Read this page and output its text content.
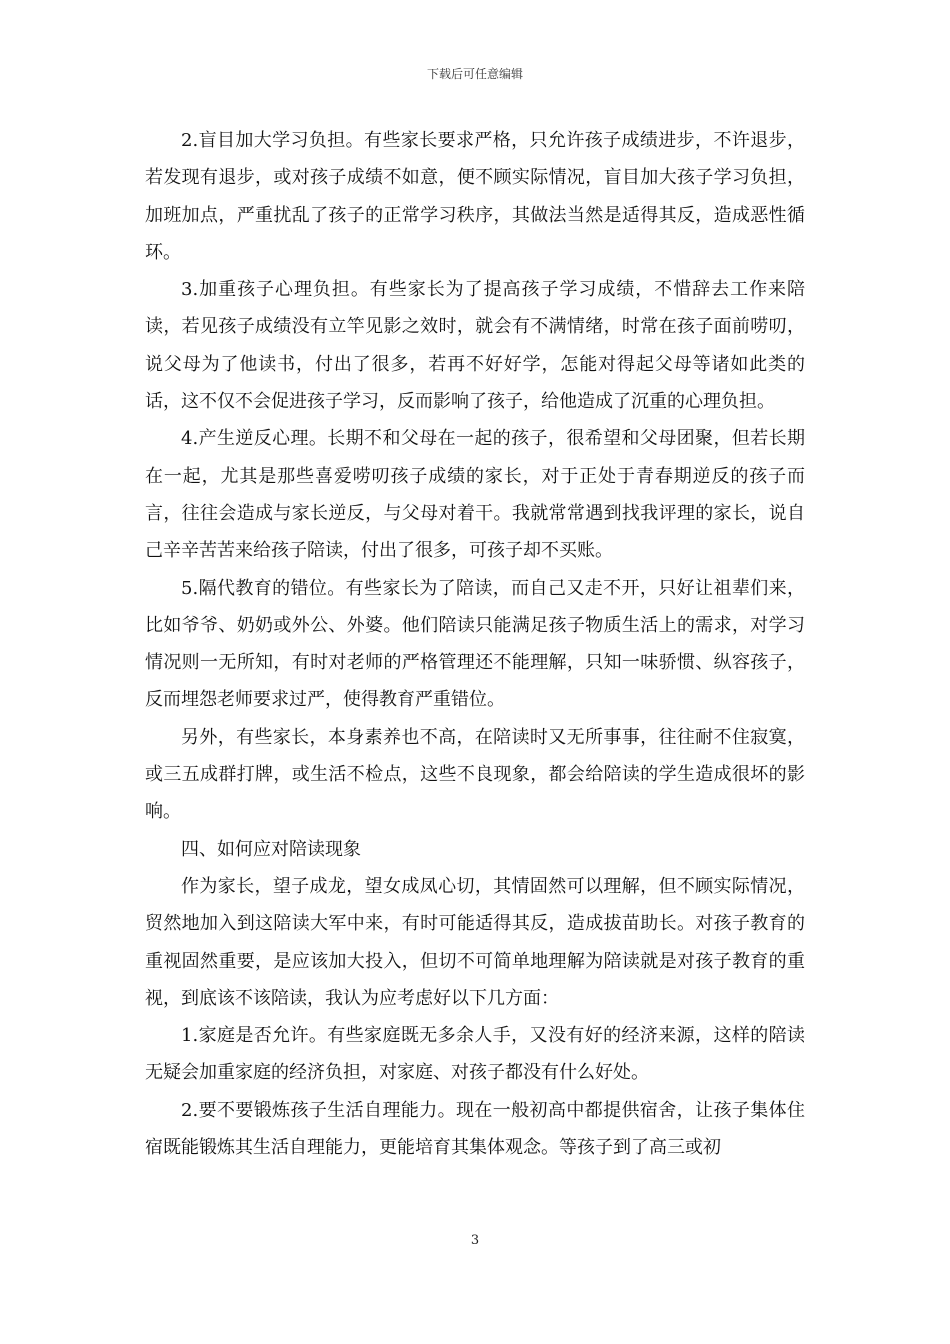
下载后可任意编辑

2.盲目加大学习负担。有些家长要求严格，只允许孩子成绩进步，不许退步，若发现有退步，或对孩子成绩不如意，便不顾实际情况，盲目加大孩子学习负担，加班加点，严重扰乱了孩子的正常学习秩序，其做法当然是适得其反，造成恶性循环。

3.加重孩子心理负担。有些家长为了提高孩子学习成绩，不惜辞去工作来陪读，若见孩子成绩没有立竿见影之效时，就会有不满情绪，时常在孩子面前唠叨，说父母为了他读书，付出了很多，若再不好好学，怎能对得起父母等诸如此类的话，这不仅不会促进孩子学习，反而影响了孩子，给他造成了沉重的心理负担。

4.产生逆反心理。长期不和父母在一起的孩子，很希望和父母团聚，但若长期在一起，尤其是那些喜爱唠叨孩子成绩的家长，对于正处于青春期逆反的孩子而言，往往会造成与家长逆反，与父母对着干。我就常常遇到找我评理的家长，说自己辛辛苦苦来给孩子陪读，付出了很多，可孩子却不买账。

5.隔代教育的错位。有些家长为了陪读，而自己又走不开，只好让祖辈们来，比如爷爷、奶奶或外公、外婆。他们陪读只能满足孩子物质生活上的需求，对学习情况则一无所知，有时对老师的严格管理还不能理解，只知一味骄惯、纵容孩子，反而埋怨老师要求过严，使得教育严重错位。

另外，有些家长，本身素养也不高，在陪读时又无所事事，往往耐不住寂寞，或三五成群打牌，或生活不检点，这些不良现象，都会给陪读的学生造成很坏的影响。

四、如何应对陪读现象

作为家长，望子成龙，望女成凤心切，其情固然可以理解，但不顾实际情况，贸然地加入到这陪读大军中来，有时可能适得其反，造成拔苗助长。对孩子教育的重视固然重要，是应该加大投入，但切不可简单地理解为陪读就是对孩子教育的重视，到底该不该陪读，我认为应考虑好以下几方面：

1.家庭是否允许。有些家庭既无多余人手，又没有好的经济来源，这样的陪读无疑会加重家庭的经济负担，对家庭、对孩子都没有什么好处。

2.要不要锻炼孩子生活自理能力。现在一般初高中都提供宿舍，让孩子集体住宿既能锻炼其生活自理能力，更能培育其集体观念。等孩子到了高三或初

3
